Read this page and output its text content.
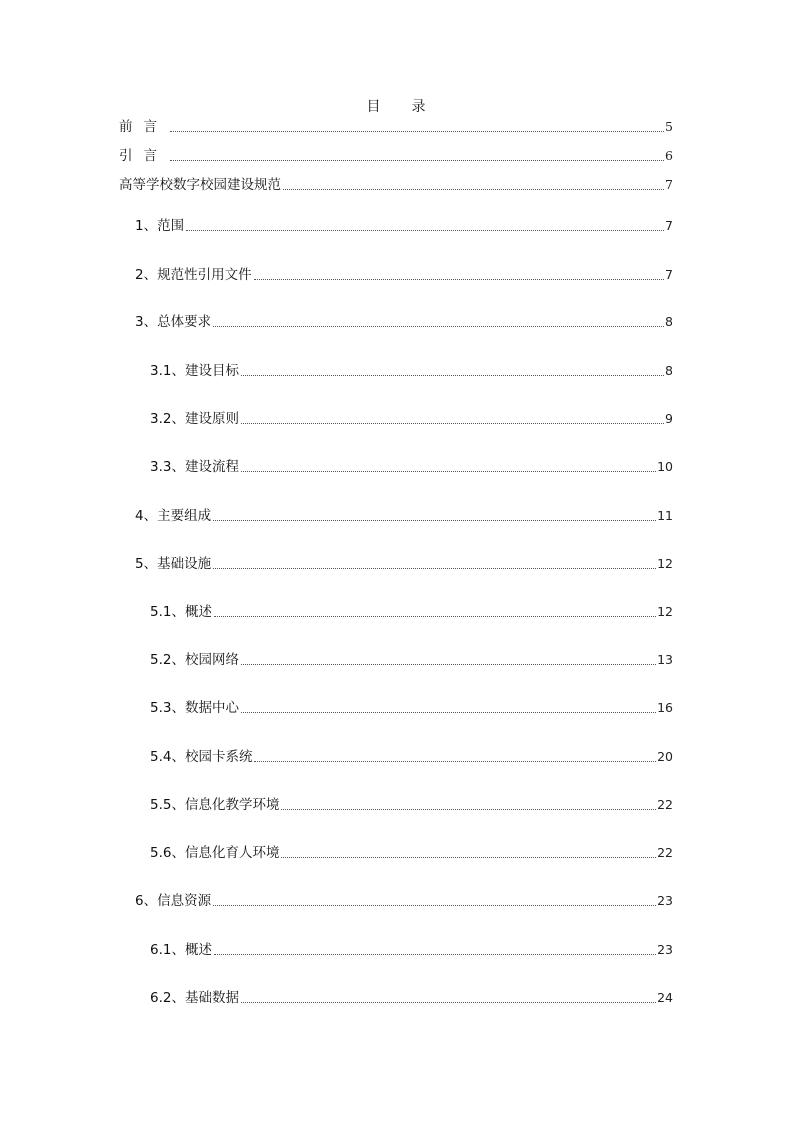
目 录
前言	5
引言	6
高等学校数字校园建设规范	7
1、范围	7
2、规范性引用文件	7
3、总体要求	8
3.1、建设目标	8
3.2、建设原则	9
3.3、建设流程	10
4、主要组成	11
5、基础设施	12
5.1、概述	12
5.2、校园网络	13
5.3、数据中心	16
5.4、校园卡系统	20
5.5、信息化教学环境	22
5.6、信息化育人环境	22
6、信息资源	23
6.1、概述	23
6.2、基础数据	24
